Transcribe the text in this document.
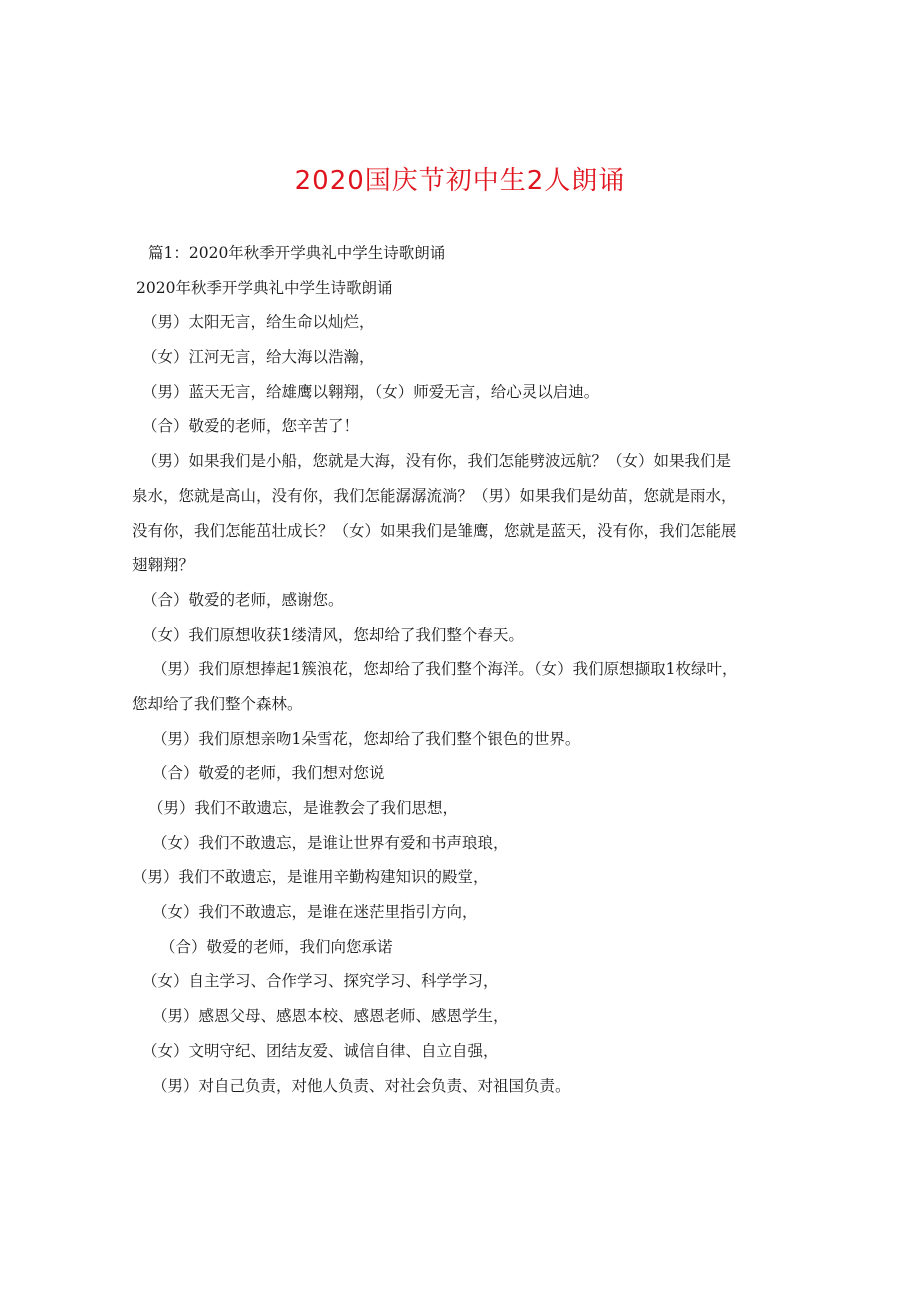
2020国庆节初中生2人朗诵
篇1：2020年秋季开学典礼中学生诗歌朗诵
2020年秋季开学典礼中学生诗歌朗诵
（男）太阳无言，给生命以灿烂，
（女）江河无言，给大海以浩瀚，
（男）蓝天无言，给雄鹰以翱翔，（女）师爱无言，给心灵以启迪。
（合）敬爱的老师，您辛苦了！
（男）如果我们是小船，您就是大海，没有你，我们怎能劈波远航？（女）如果我们是
泉水，您就是高山，没有你，我们怎能潺潺流淌？（男）如果我们是幼苗，您就是雨水，
没有你，我们怎能茁壮成长？（女）如果我们是雏鹰，您就是蓝天，没有你，我们怎能展
翅翱翔？
（合）敬爱的老师，感谢您。
（女）我们原想收获1缕清风，您却给了我们整个春天。
（男）我们原想捧起1簇浪花，您却给了我们整个海洋。（女）我们原想撷取1枚绿叶，
您却给了我们整个森林。
（男）我们原想亲吻1朵雪花，您却给了我们整个银色的世界。
（合）敬爱的老师，我们想对您说
（男）我们不敢遗忘，是谁教会了我们思想，
（女）我们不敢遗忘，是谁让世界有爱和书声琅琅，
（男）我们不敢遗忘，是谁用辛勤构建知识的殿堂，
（女）我们不敢遗忘，是谁在迷茫里指引方向，
（合）敬爱的老师，我们向您承诺
（女）自主学习、合作学习、探究学习、科学学习，
（男）感恩父母、感恩本校、感恩老师、感恩学生，
（女）文明守纪、团结友爱、诚信自律、自立自强，
（男）对自己负责，对他人负责、对社会负责、对祖国负责。
